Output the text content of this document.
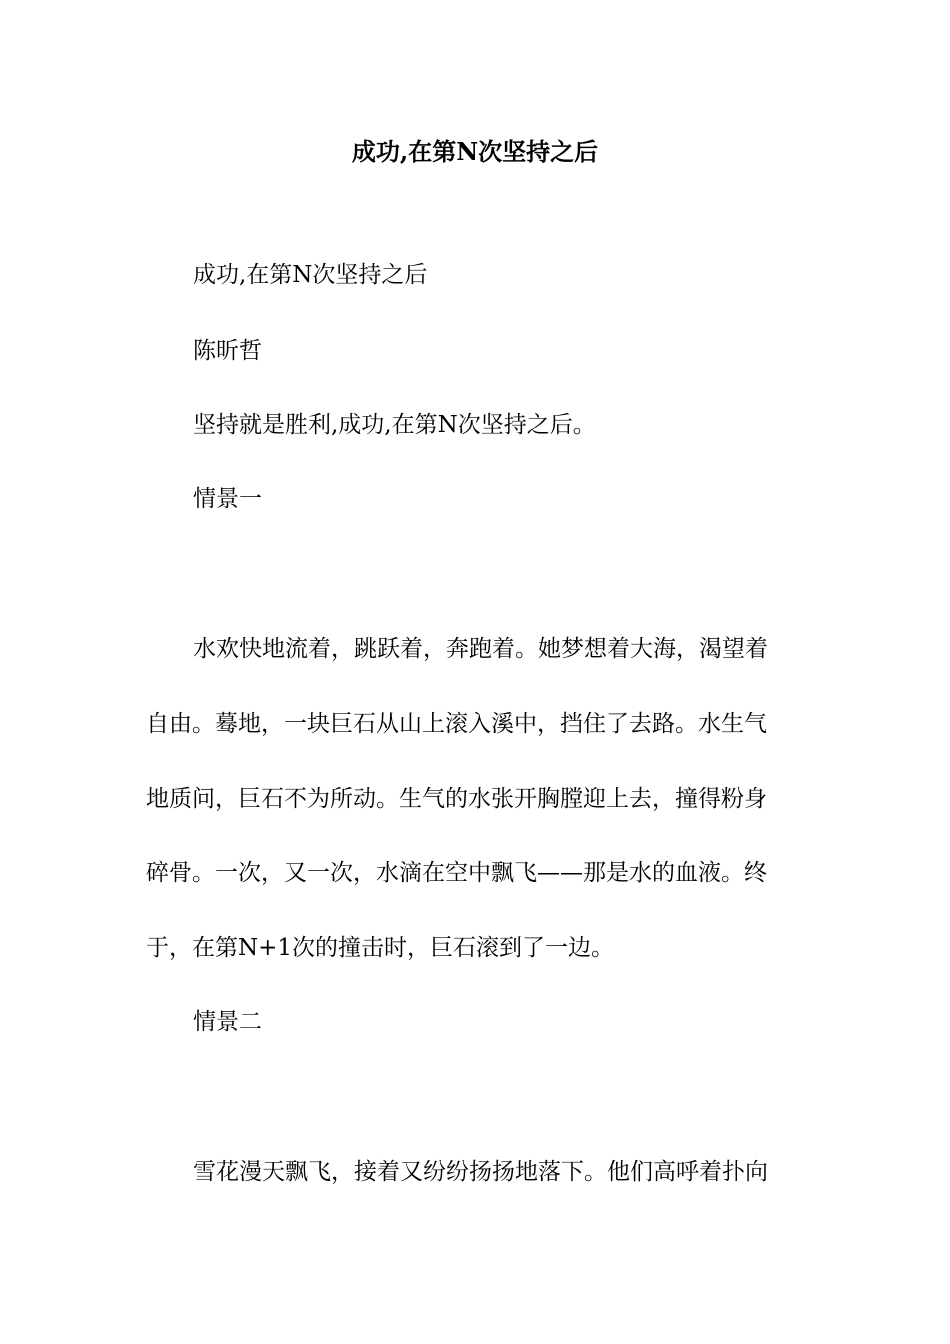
成功,在第N次坚持之后
成功,在第N次坚持之后
陈昕哲
坚持就是胜利,成功,在第N次坚持之后。
情景一
水欢快地流着，跳跃着，奔跑着。她梦想着大海，渴望着
自由。蓦地，一块巨石从山上滚入溪中，挡住了去路。水生气
地质问，巨石不为所动。生气的水张开胸膛迎上去，撞得粉身
碎骨。一次，又一次，水滴在空中飘飞——那是水的血液。终
于，在第N+1次的撞击时，巨石滚到了一边。
情景二
雪花漫天飘飞，接着又纷纷扬扬地落下。他们高呼着扑向
